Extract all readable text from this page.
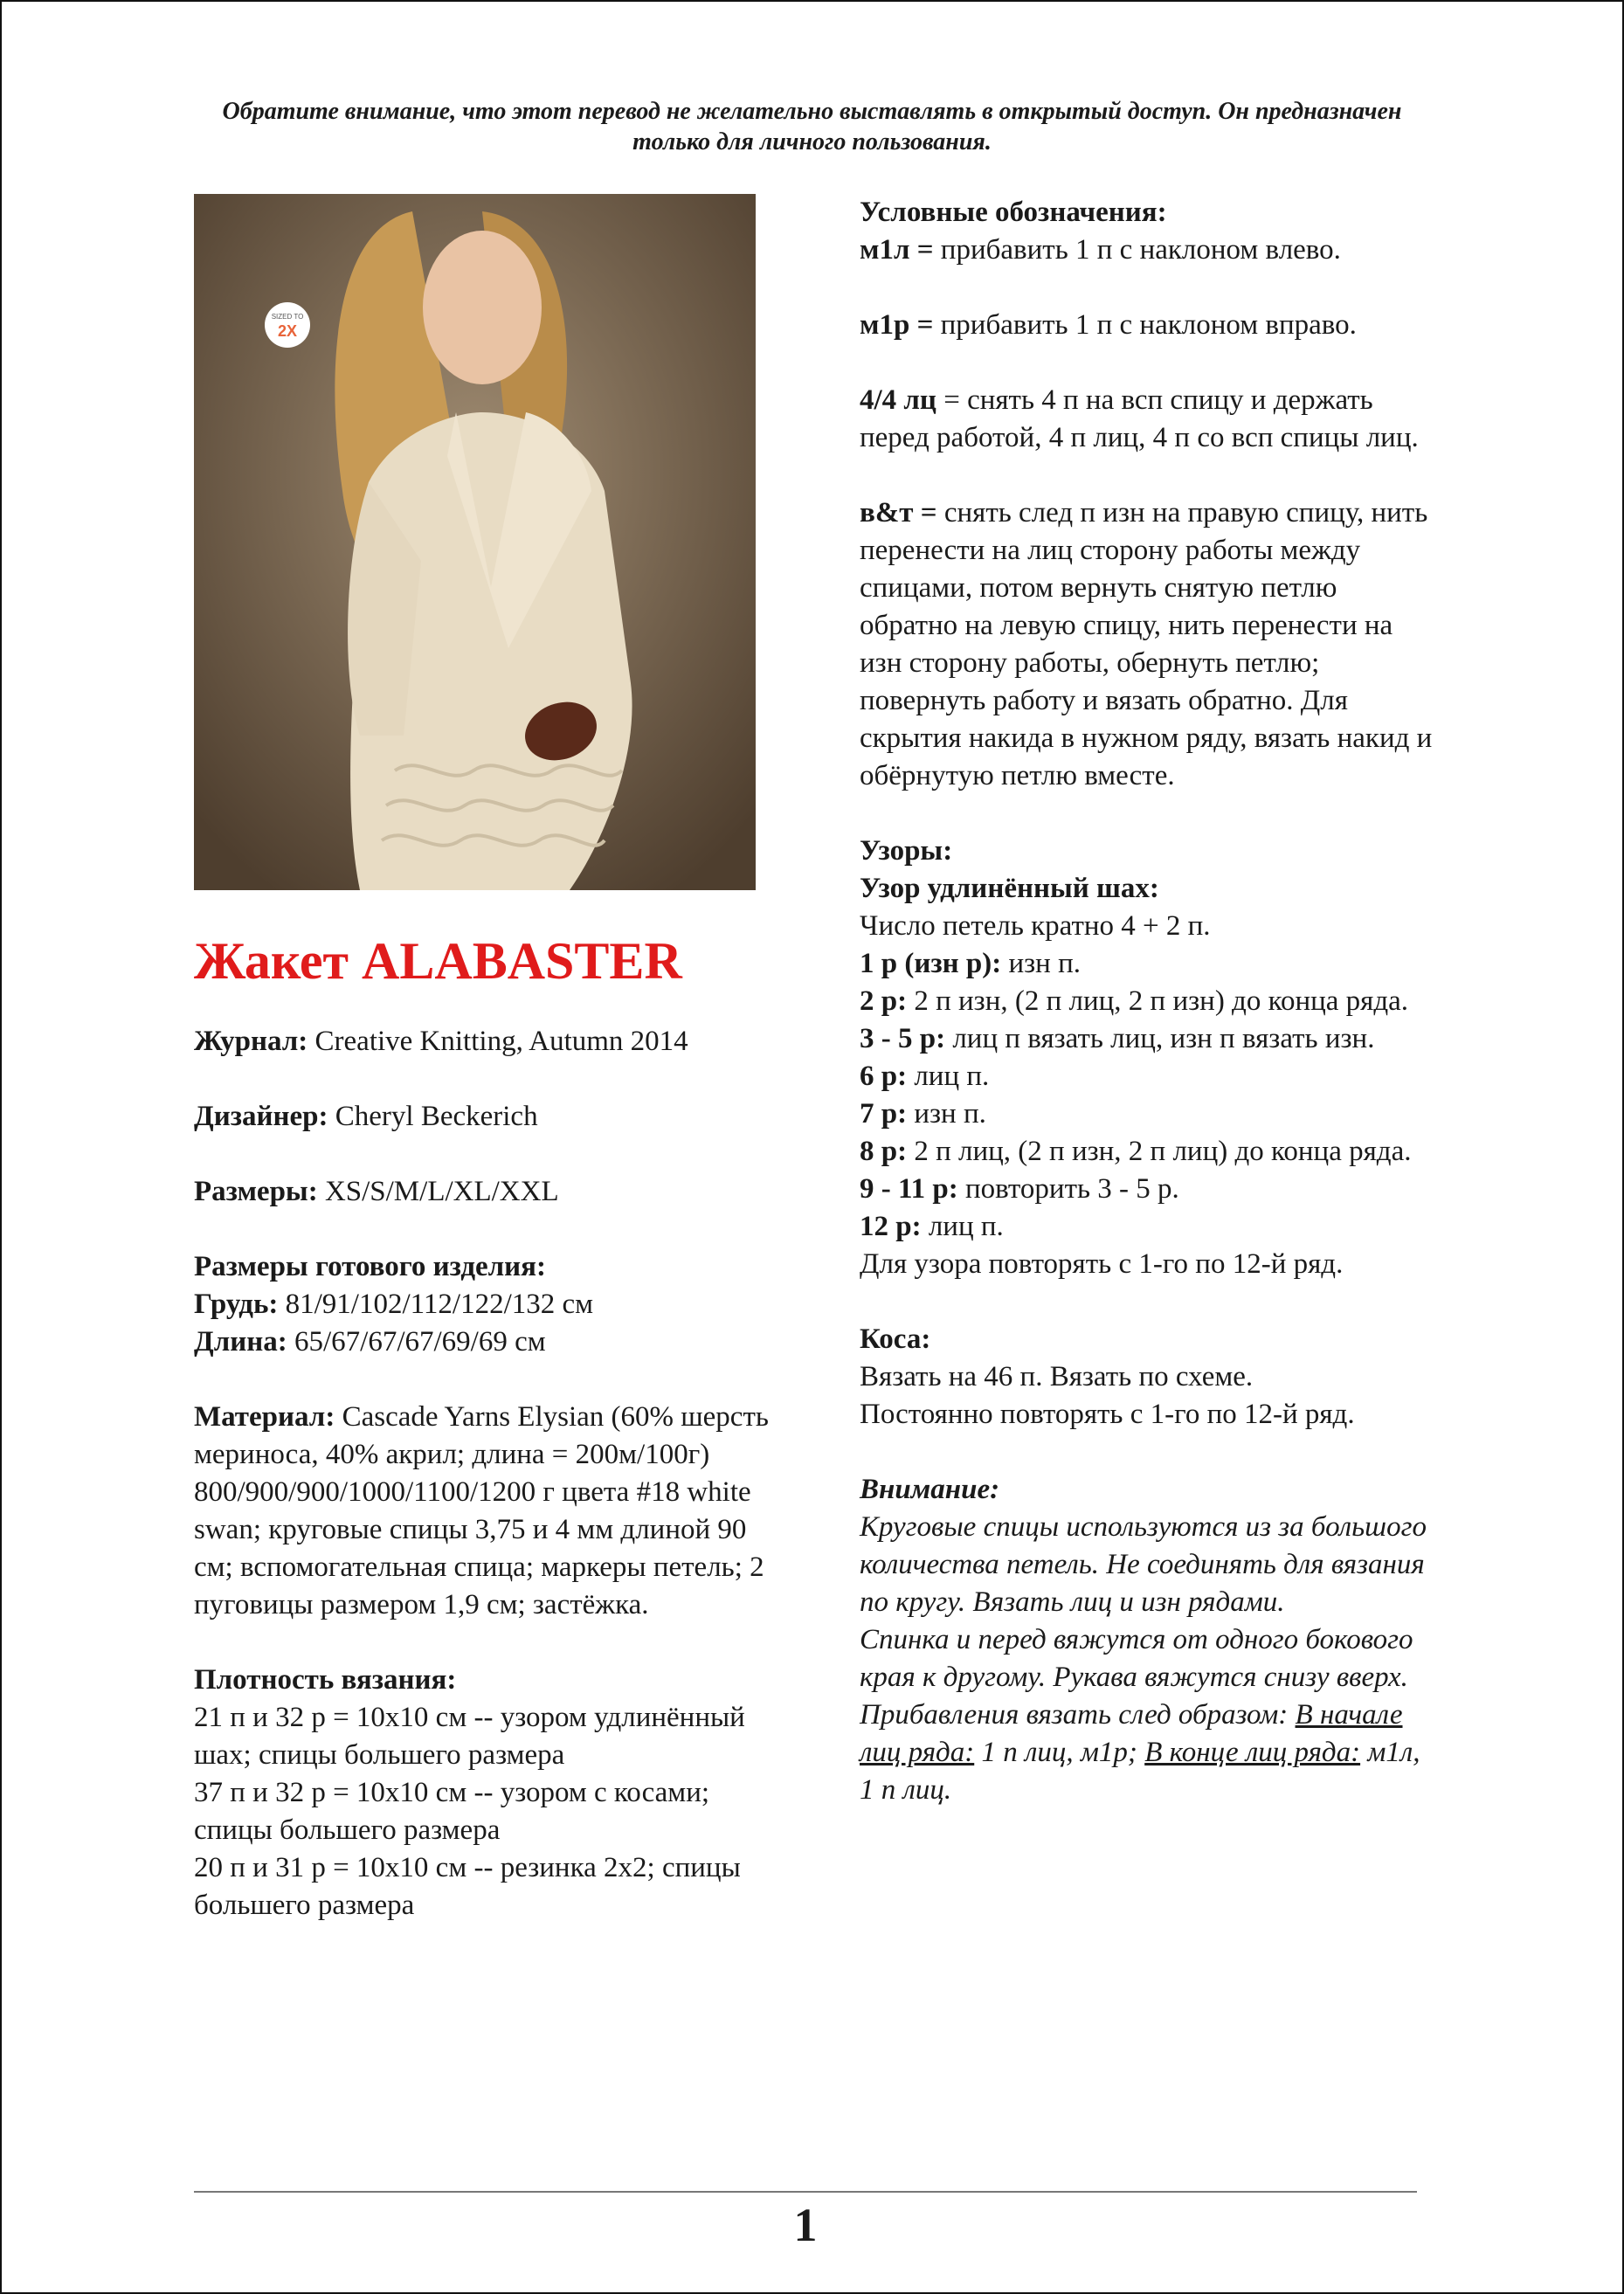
Обратите внимание, что этот перевод не желательно выставлять в открытый доступ. Он предназначен только для личного пользования.
SIZED TO
2X
Жакет ALABASTER

Журнал: Creative Knitting, Autumn 2014

Дизайнер: Cheryl Beckerich

Размеры: XS/S/M/L/XL/XXL

Размеры готового изделия:

Грудь: 81/91/102/112/122/132 см

Длина: 65/67/67/67/69/69 см

Материал: Cascade Yarns Elysian (60% шерсть мериноса, 40% акрил; длина = 200м/100г) 800/900/900/1000/1100/1200 г цвета #18 white swan; круговые спицы 3,75 и 4 мм длиной 90 см; вспомогательная спица; маркеры петель; 2 пуговицы размером 1,9 см; застёжка.

Плотность вязания:

21 п и 32 р = 10x10 см -- узором удлинённый шах; спицы большего размера

37 п и 32 р = 10x10 см -- узором с косами; спицы большего размера

20 п и 31 р = 10x10 см -- резинка 2x2; спицы большего размера

Условные обозначения:

м1л = прибавить 1 п с наклоном влево.

м1р = прибавить 1 п с наклоном вправо.

4/4 лц = снять 4 п на всп спицу и держать перед работой, 4 п лиц, 4 п со всп спицы лиц.

в&т = снять след п изн на правую спицу, нить перенести на лиц сторону работы между спицами, потом вернуть снятую петлю обратно на левую спицу, нить перенести на изн сторону работы, обернуть петлю; повернуть работу и вязать обратно. Для скрытия накида в нужном ряду, вязать накид и обёрнутую петлю вместе.

Узоры:

Узор удлинённый шах:

Число петель кратно 4 + 2 п.

1 р (изн р): изн п.

2 р: 2 п изн, (2 п лиц, 2 п изн) до конца ряда.

3 - 5 р: лиц п вязать лиц, изн п вязать изн.

6 р: лиц п.

7 р: изн п.

8 р: 2 п лиц, (2 п изн, 2 п лиц) до конца ряда.

9 - 11 р: повторить 3 - 5 р.

12 р: лиц п.

Для узора повторять с 1-го по 12-й ряд.

Коса:

Вязать на 46 п. Вязать по схеме.

Постоянно повторять с 1-го по 12-й ряд.

Внимание:

Круговые спицы используются из за большого количества петель. Не соединять для вязания по кругу. Вязать лиц и изн рядами.

Спинка и перед вяжутся от одного бокового края к другому. Рукава вяжутся снизу вверх.

Прибавления вязать след образом: В начале лиц ряда: 1 п лиц, м1р; В конце лиц ряда: м1л, 1 п лиц.

1
